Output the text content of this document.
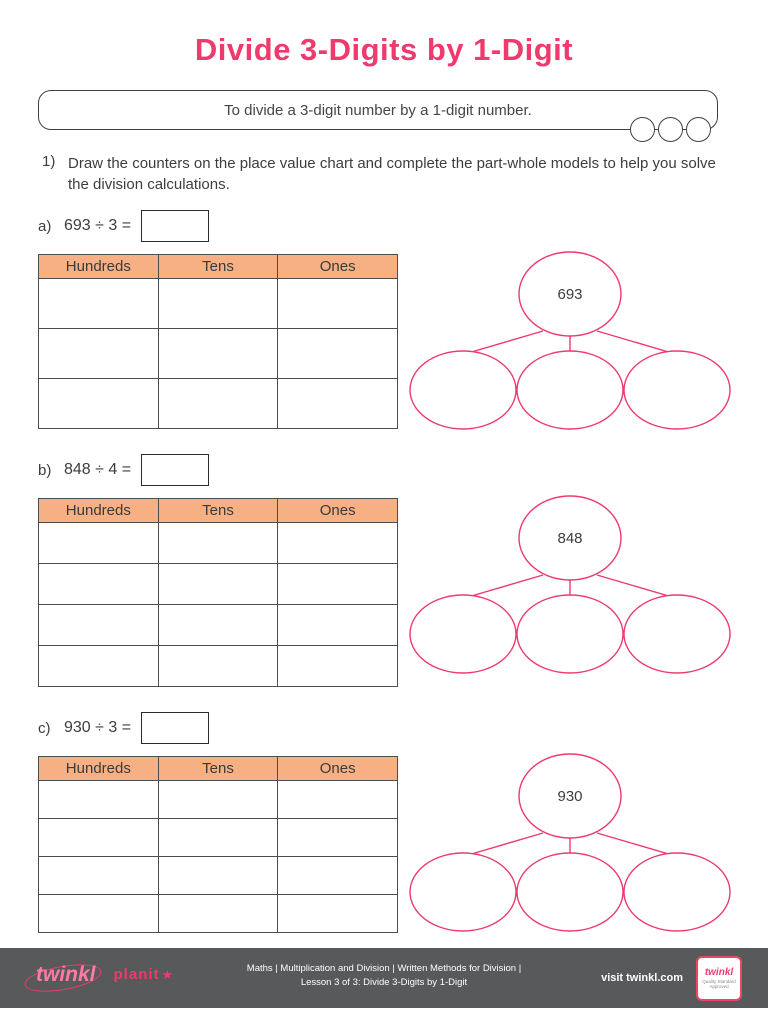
Divide 3-Digits by 1-Digit
To divide a 3-digit number by a 1-digit number.
1) Draw the counters on the place value chart and complete the part-whole models to help you solve the division calculations.
a) 693 ÷ 3 =
Hundreds	Tens	Ones

693
b) 848 ÷ 4 =
Hundreds	Tens	Ones

848
c) 930 ÷ 3 =
Hundreds	Tens	Ones

930
twinkl	planit ★	Maths | Multiplication and Division | Written Methods for Division |
Lesson 3 of 3: Divide 3-Digits by 1-Digit	visit twinkl.com twinkl
Quality Standard Approved
